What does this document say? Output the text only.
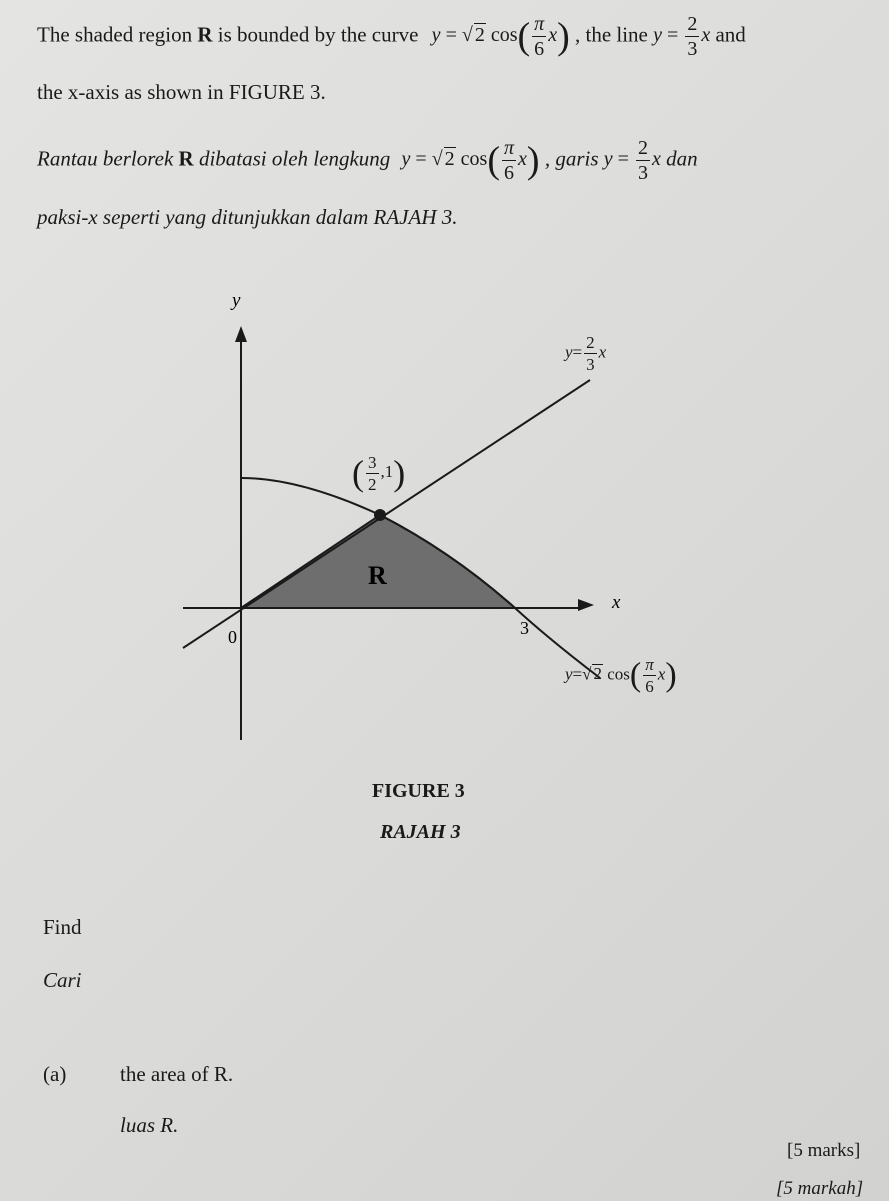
The shaded region R is bounded by the curve y = √ 2 $\cos( \frac{\pi}{6} x)$ , the line $y = \frac{2}{3}$ x and
the x-axis as shown in FIGURE 3.
Rantau berlorek R dibatasi oleh lengkung y = √ 2 $\cos( \frac{\pi}{6} x)$ , garis $y = \frac{2}{3}$ x dan
paksi-x seperti yang ditunjukkan dalam RAJAH 3.
y
x
0	3
R
( $\frac{3}{2} ,1$)
$y= \frac{2}{3}$ x
y=√ 2 $\cos( \frac{\pi}{6} x)$
FIGURE 3
RAJAH 3
Find
Cari
(a)	the area of R.
luas R.
[5 marks]
[5 markah]
